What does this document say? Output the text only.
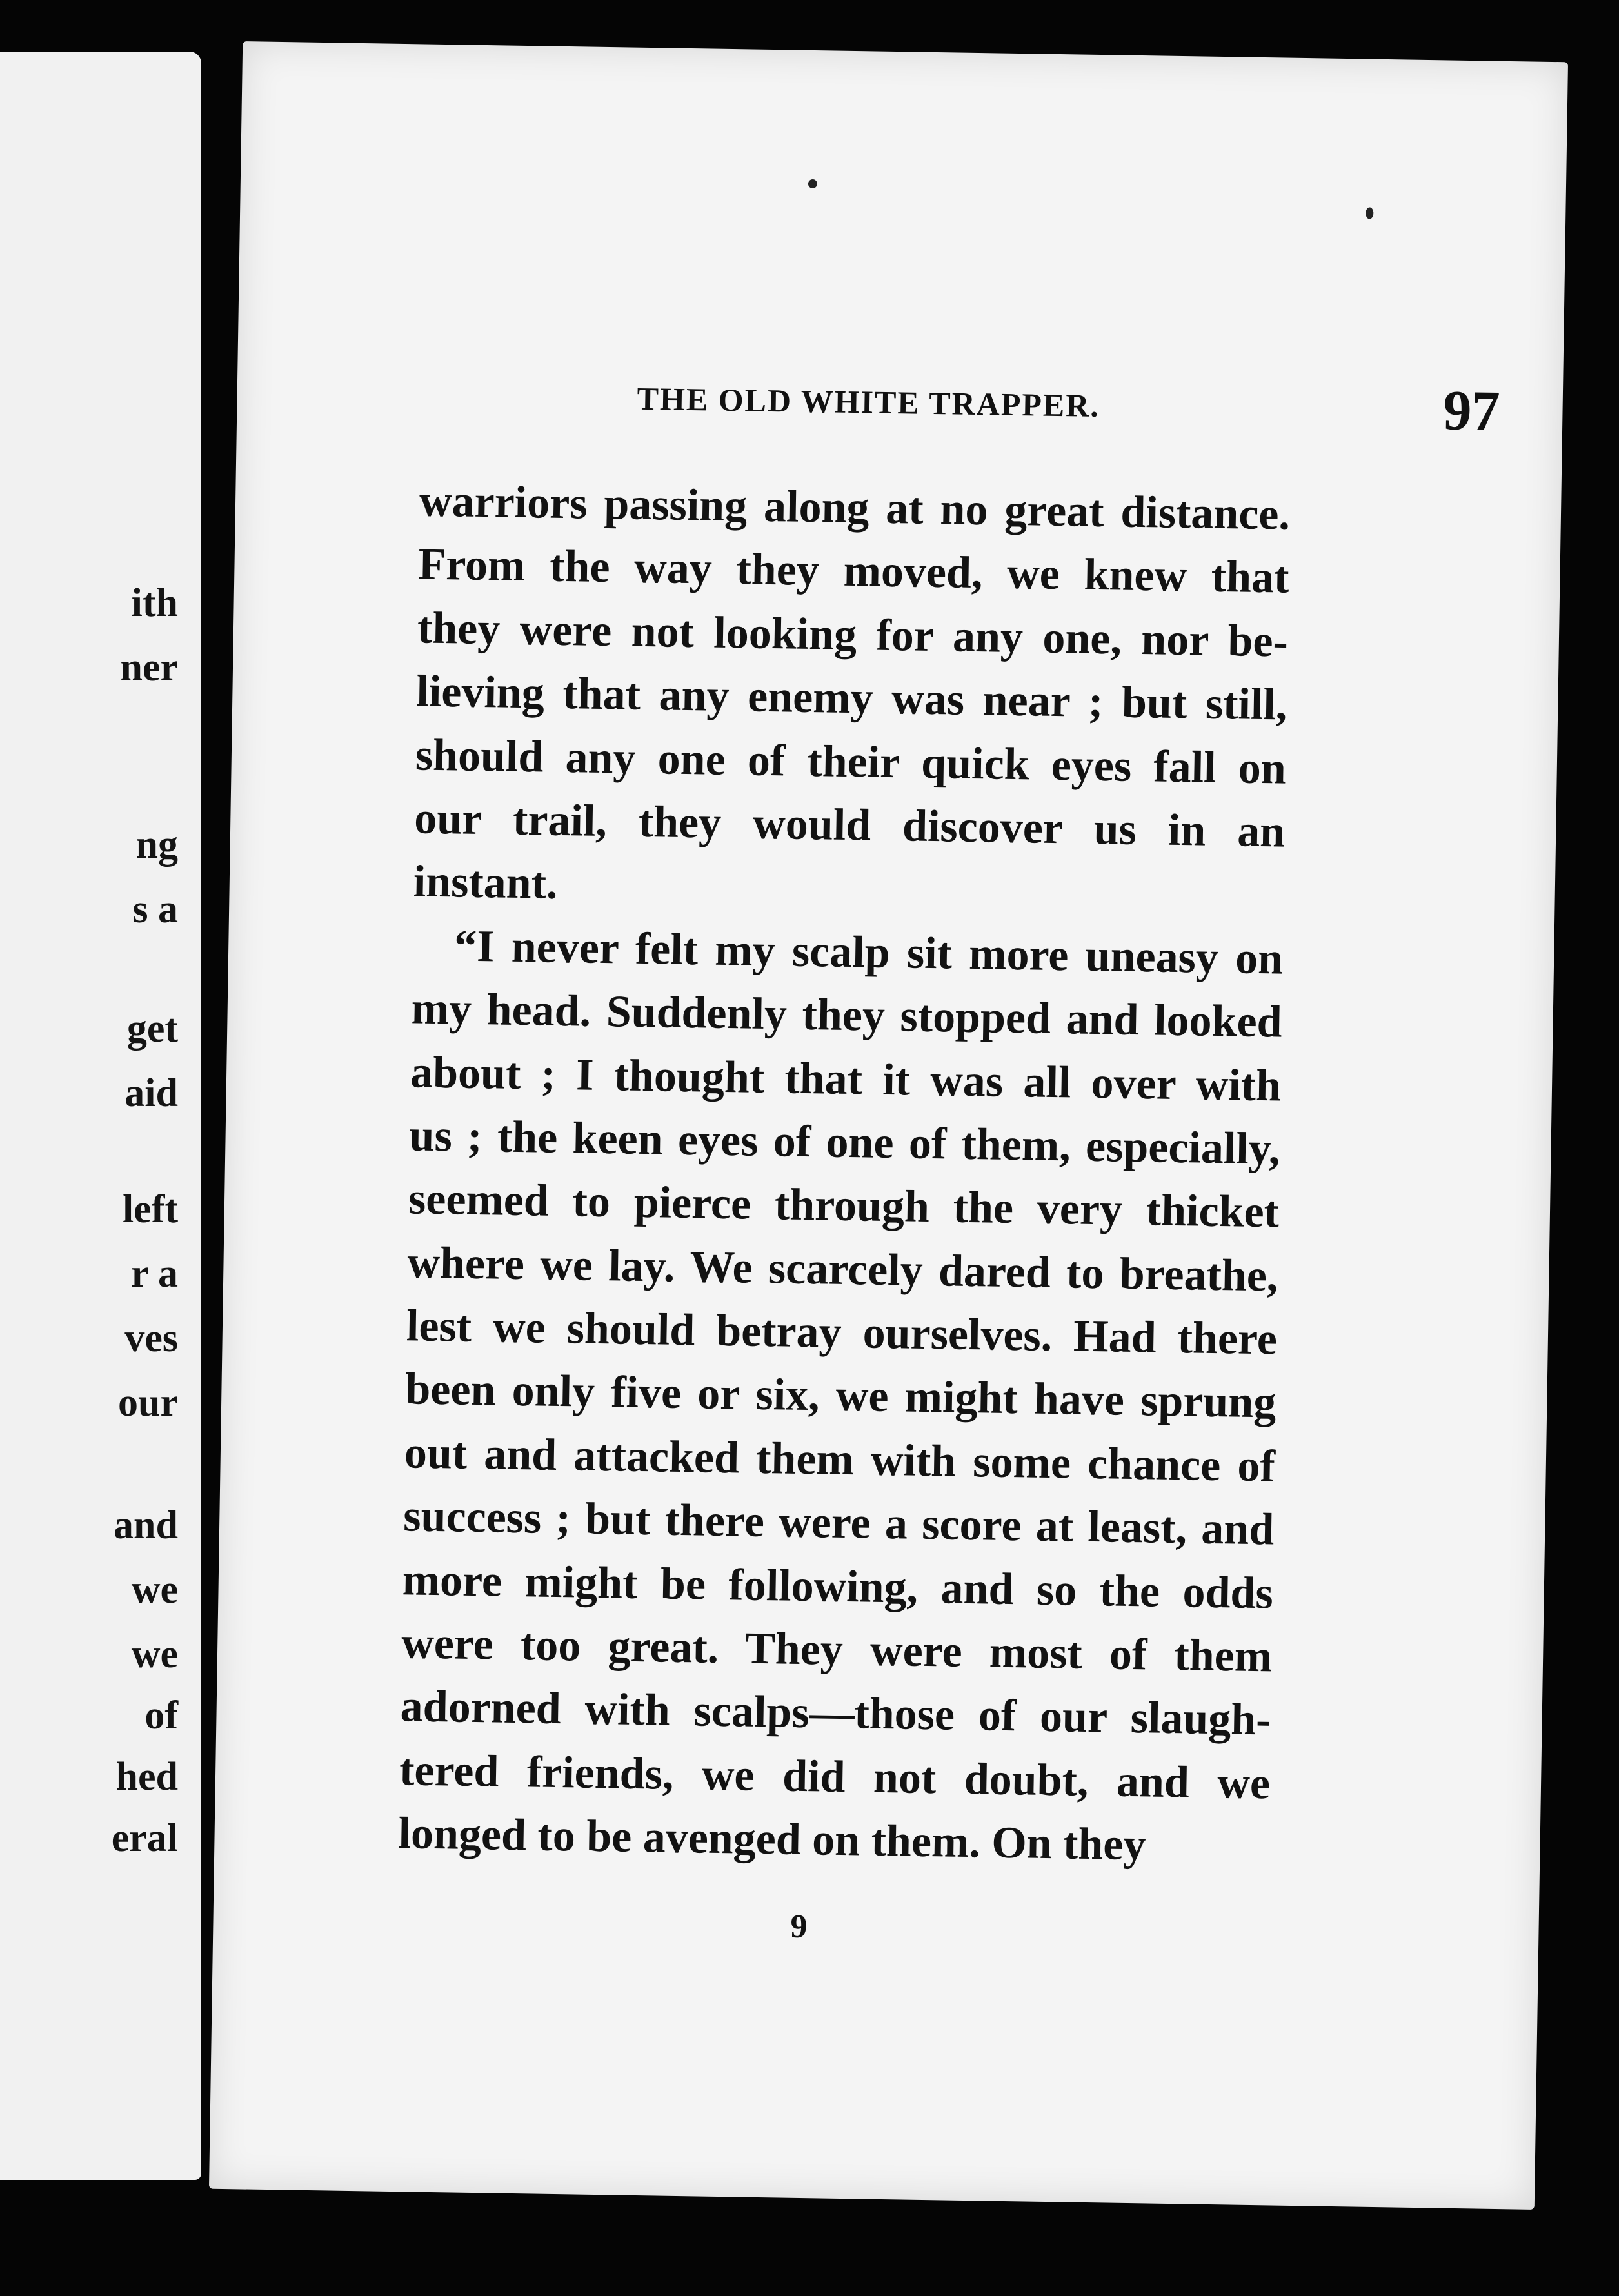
ith
ner
ng
s a
get
aid
left
r a
ves
our
and
we
we
of
hed
eral
THE OLD WHITE TRAPPER.	97
warriors passing along at no great distance.
From the way they moved, we knew that
they were not looking for any one, nor be-
lieving that any enemy was near ; but still,
should any one of their quick eyes fall on
our trail, they would discover us in an
instant.
“I never felt my scalp sit more uneasy on
my head. Suddenly they stopped and looked
about ; I thought that it was all over with
us ; the keen eyes of one of them, especially,
seemed to pierce through the very thicket
where we lay. We scarcely dared to breathe,
lest we should betray ourselves. Had there
been only five or six, we might have sprung
out and attacked them with some chance of
success ; but there were a score at least, and
more might be following, and so the odds
were too great. They were most of them
adorned with scalps—those of our slaugh-
tered friends, we did not doubt, and we
longed to be avenged on them. On they
9
